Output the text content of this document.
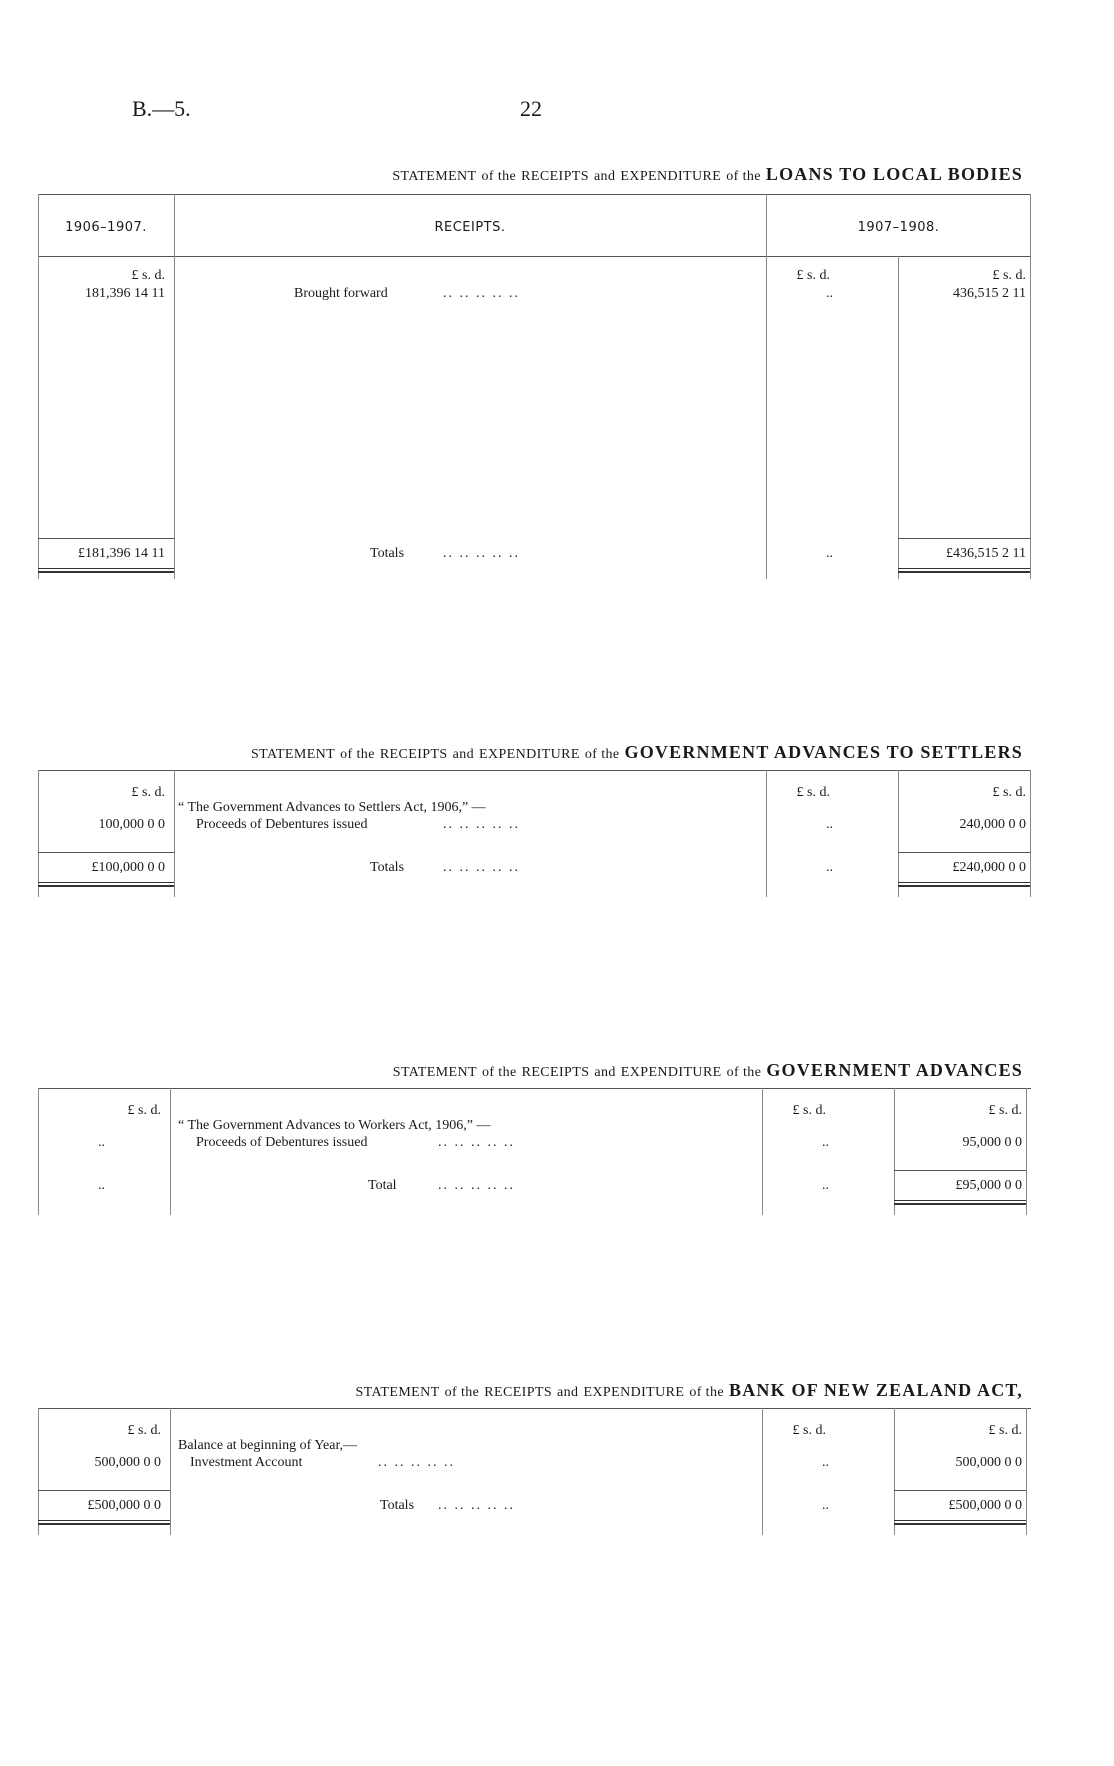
B.—5.	22
STATEMENT of the RECEIPTS and EXPENDITURE of the LOANS TO LOCAL BODIES
1906–1907.	RECEIPTS.	1907–1908.
£ s. d.	£ s. d.	£ s. d.
181,396 14 11	Brought forward	.. .. .. .. ..	..	436,515 2 11
£181,396 14 11	Totals	.. .. .. .. ..	..	£436,515 2 11
STATEMENT of the RECEIPTS and EXPENDITURE of the GOVERNMENT ADVANCES TO SETTLERS
£ s. d.	£ s. d.	£ s. d.
“ The Government Advances to Settlers Act, 1906,” —
100,000 0 0 Proceeds of Debentures issued	.. .. .. .. ..	..	240,000 0 0
£100,000 0 0	Totals	.. .. .. .. ..	..	£240,000 0 0
STATEMENT of the RECEIPTS and EXPENDITURE of the GOVERNMENT ADVANCES
£ s. d.	£ s. d.	£ s. d.
“ The Government Advances to Workers Act, 1906,” —
..	Proceeds of Debentures issued	.. .. .. .. ..	..	95,000 0 0
..	Total	.. .. .. .. ..	..	£95,000 0 0
STATEMENT of the RECEIPTS and EXPENDITURE of the BANK OF NEW ZEALAND ACT,
£ s. d.	£ s. d.	£ s. d.
Balance at beginning of Year,—
500,000 0 0 Investment Account	.. .. .. .. ..	..	500,000 0 0
£500,000 0 0	Totals .. .. .. .. ..	..	£500,000 0 0
